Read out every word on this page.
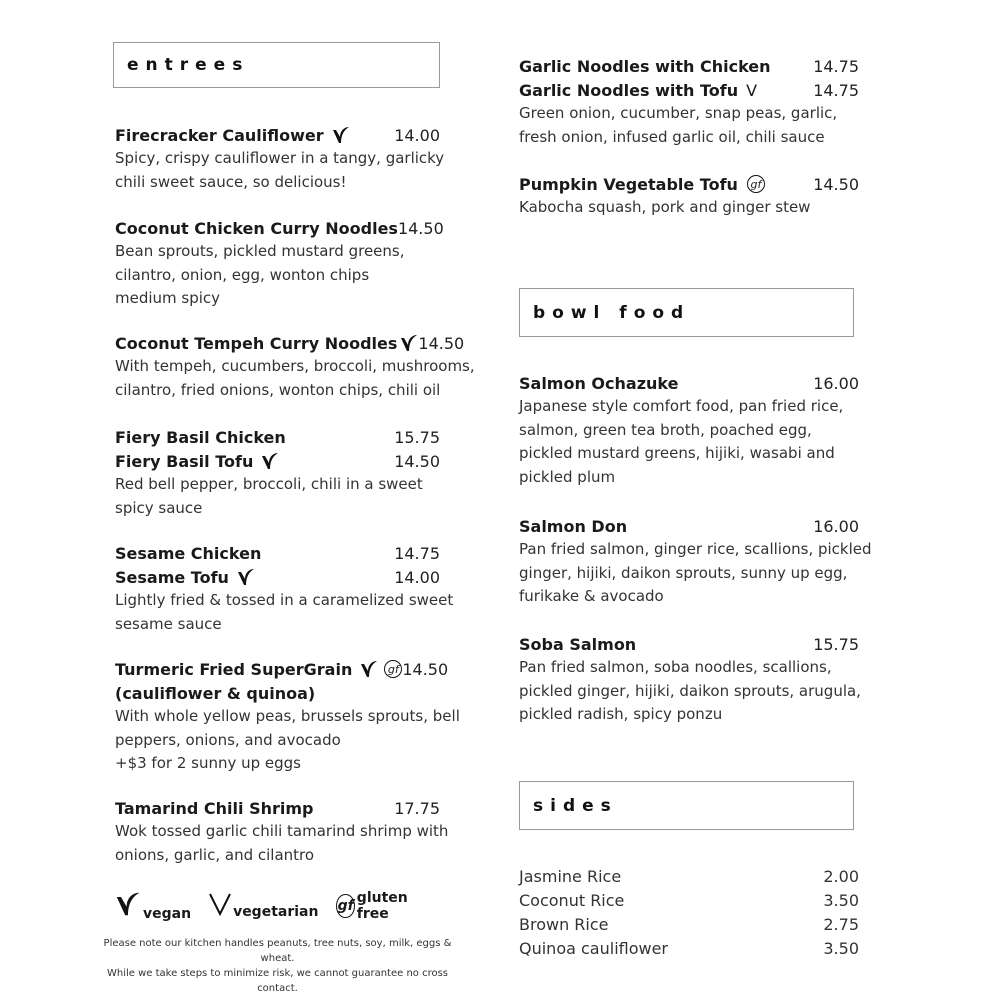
entrees
Firecracker Cauliflower	14.00
Spicy, crispy cauliflower in a tangy, garlicky
chili sweet sauce, so delicious!
Coconut Chicken Curry Noodles 14.50
Bean sprouts, pickled mustard greens,
cilantro, onion, egg, wonton chips
medium spicy
Coconut Tempeh Curry Noodles 14.50
With tempeh, cucumbers, broccoli, mushrooms,
cilantro, fried onions, wonton chips, chili oil
Fiery Basil Chicken	15.75
Fiery Basil Tofu	14.50
Red bell pepper, broccoli, chili in a sweet
spicy sauce
Sesame Chicken	14.75
Sesame Tofu	14.00
Lightly fried & tossed in a caramelized sweet
sesame sauce
Turmeric Fried SuperGrain	gf 14.50
(cauliflower & quinoa)
With whole yellow peas, brussels sprouts, bell
peppers, onions, and avocado
+$3 for 2 sunny up eggs
Tamarind Chili Shrimp	17.75
Wok tossed garlic chili tamarind shrimp with
onions, garlic, and cilantro
vegan	vegetarian gf gluten free
Please note our kitchen handles peanuts, tree nuts, soy, milk, eggs & wheat.
While we take steps to minimize risk, we cannot guarantee no cross contact.
Garlic Noodles with Chicken	14.75
Garlic Noodles with Tofu V	14.75
Green onion, cucumber, snap peas, garlic,
fresh onion, infused garlic oil, chili sauce
Pumpkin Vegetable Tofu	gf	14.50
Kabocha squash, pork and ginger stew
bowl food
Salmon Ochazuke	16.00
Japanese style comfort food, pan fried rice,
salmon, green tea broth, poached egg,
pickled mustard greens, hijiki, wasabi and
pickled plum
Salmon Don	16.00
Pan fried salmon, ginger rice, scallions, pickled
ginger, hijiki, daikon sprouts, sunny up egg,
furikake & avocado
Soba Salmon	15.75
Pan fried salmon, soba noodles, scallions,
pickled ginger, hijiki, daikon sprouts, arugula,
pickled radish, spicy ponzu
sides
Jasmine Rice	2.00
Coconut Rice	3.50
Brown Rice	2.75
Quinoa cauliflower	3.50
